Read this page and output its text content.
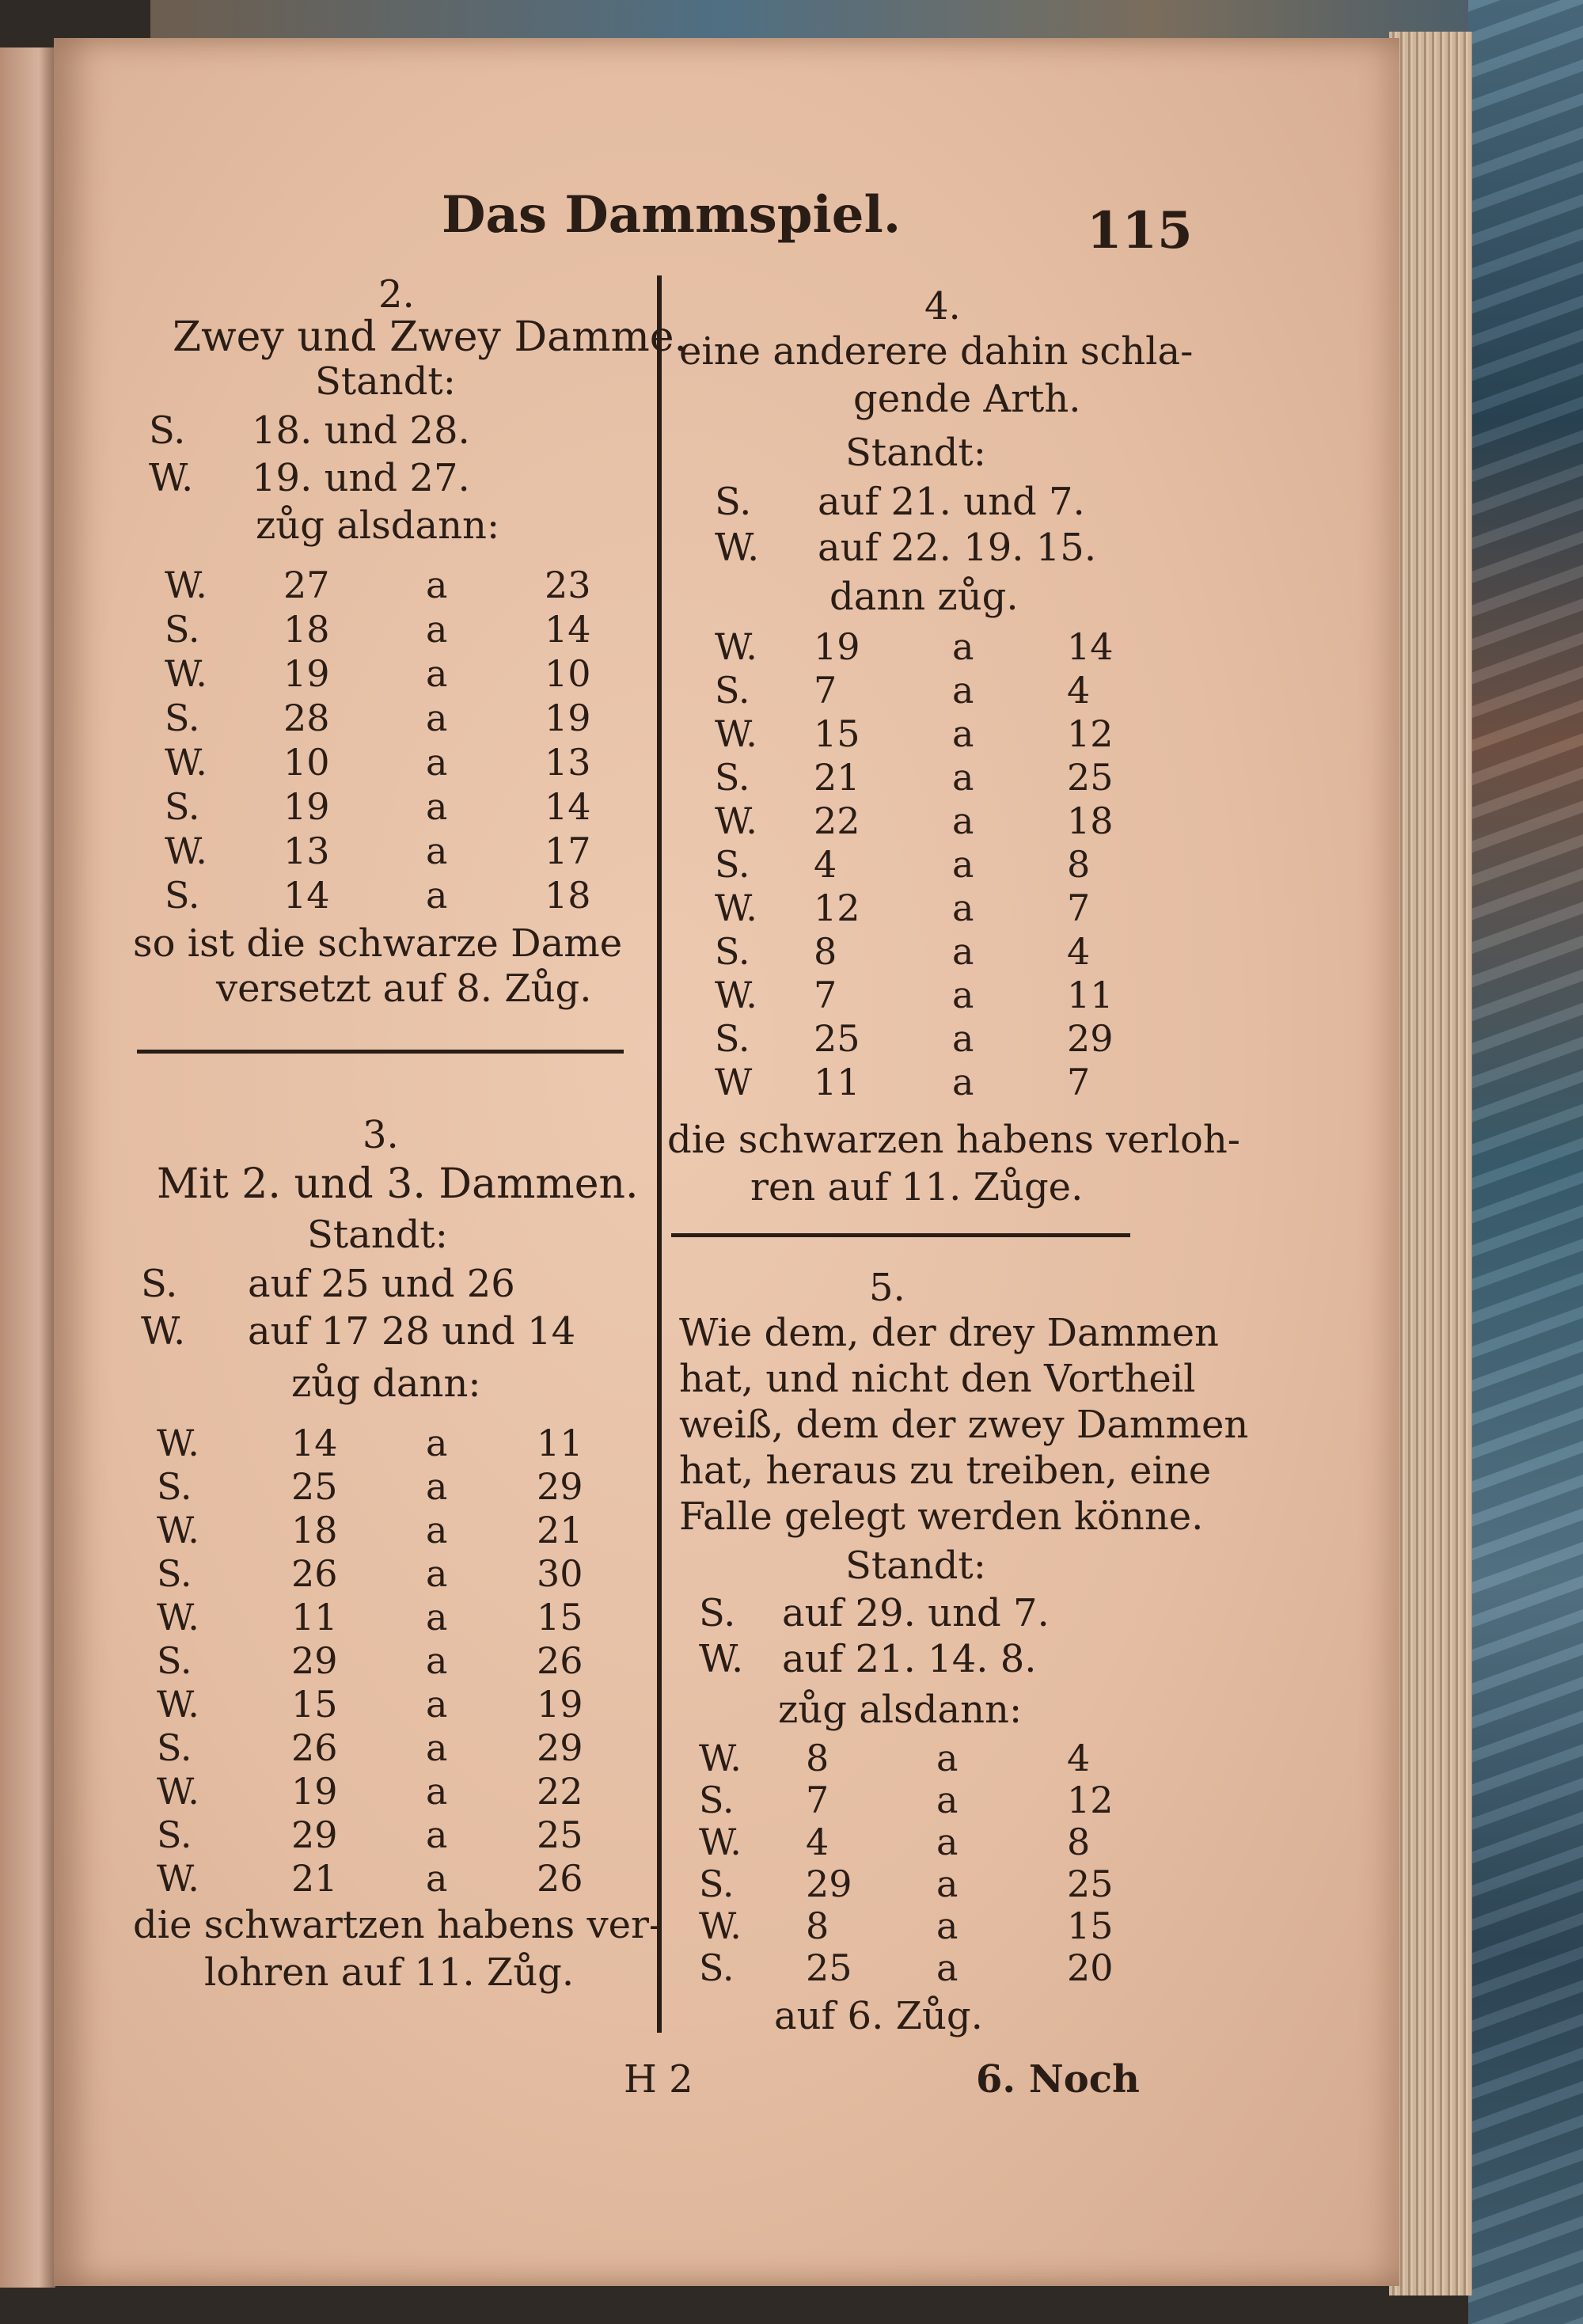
Das Dammspiel.	115
2.
Zwey und Zwey Damme.
Standt:
S. 18. und 28.
W. 19. und 27.
zůg alsdann:
W. 27	a	23
S. 18	a	14
W. 19	a	10
S. 28	a	19
W. 10	a	13
S. 19	a	14
W. 13	a	17
S. 14	a	18
so ist die schwarze Dame
versetzt auf 8. Zůg.
3.
Mit 2. und 3. Dammen.
Standt:
S. auf 25 und 26
W. auf 17 28 und 14
zůg dann:
W.	14 a 11
S.	25 a 29
W.	18 a 21
S.	26 a 30
W.	11 a 15
S.	29 a 26
W.	15 a 19
S.	26 a 29
W.	19 a 22
S.	29 a 25
W.	21 a 26
die schwartzen habens ver-
lohren auf 11. Zůg.
4.
eine anderere dahin schla-
gende Arth.
Standt:
S. auf 21. und 7.
W. auf 22. 19. 15.
dann zůg.
W. 19	a	14
S. 7	a	4
W. 15	a	12
S. 21	a	25
W. 22	a	18
S. 4	a	8
W. 12	a	7
S. 8	a	4
W. 7	a	11
S. 25	a	29
W 11	a	7
die schwarzen habens verloh-
ren auf 11. Zůge.
5.
Wie dem, der drey Dammen
hat, und nicht den Vortheil
weiß, dem der zwey Dammen
hat, heraus zu treiben, eine
Falle gelegt werden könne.
Standt:
S. auf 29. und 7.
W. auf 21. 14. 8.
zůg alsdann:
W. 8	a	4
S. 7	a	12
W. 4	a	8
S. 29 a	25
W. 8	a	15
S. 25 a	20
auf 6. Zůg.
H 2	6. Noch
